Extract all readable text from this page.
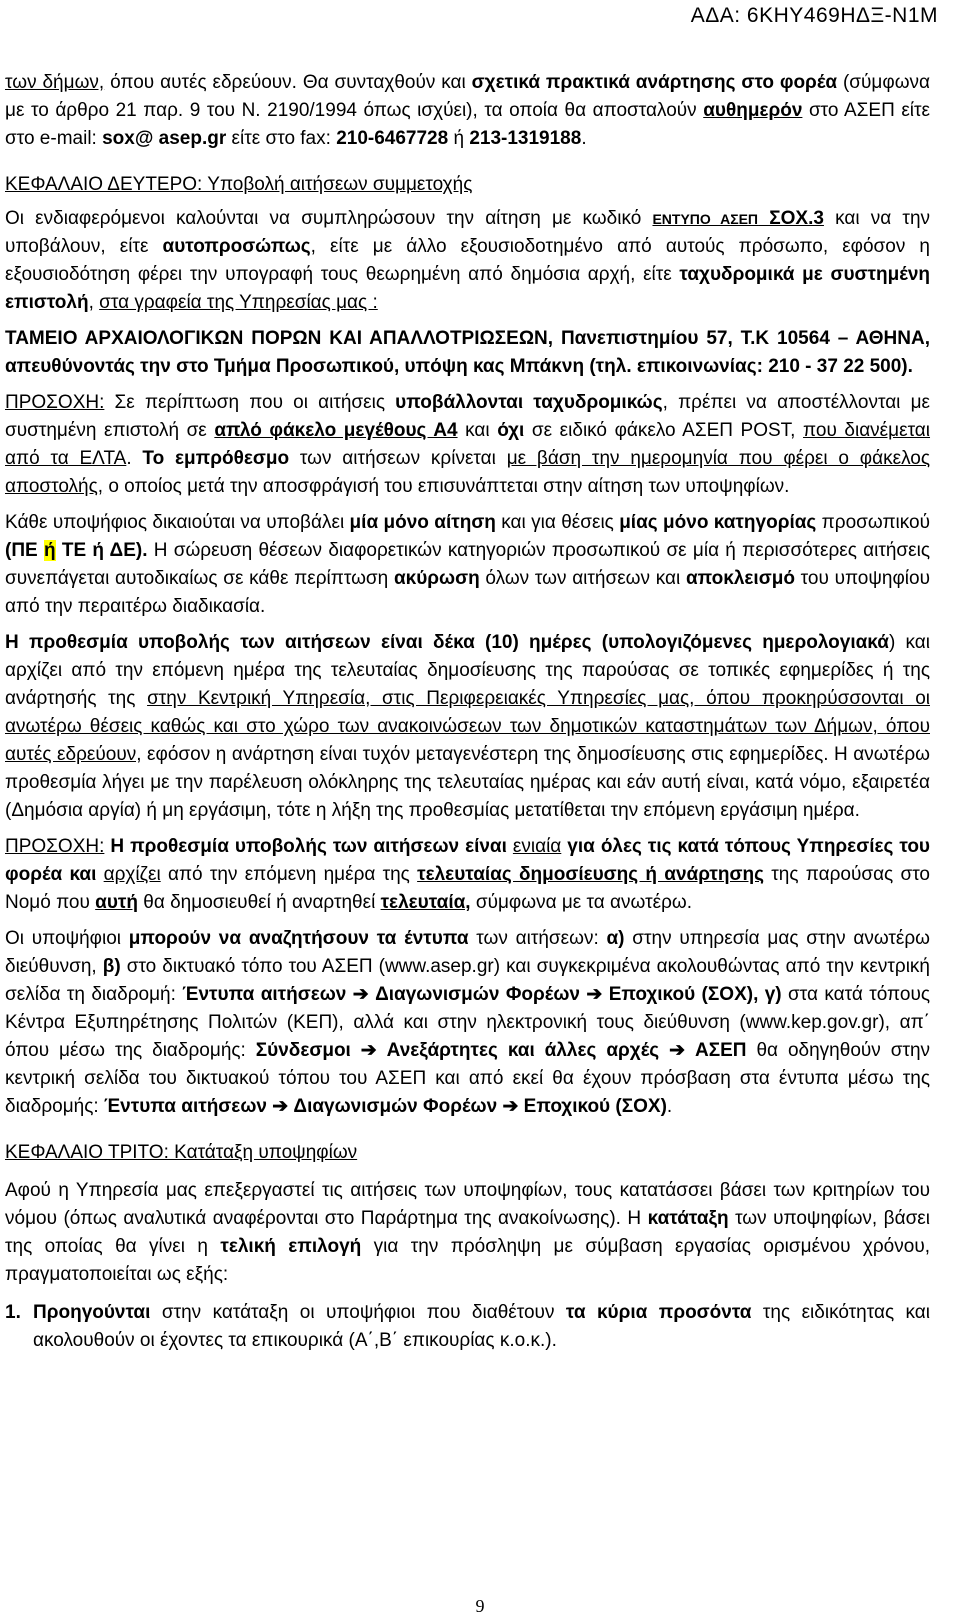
ΑΔΑ: 6ΚΗΥ469ΗΔΞ-Ν1Μ

των δήμων, όπου αυτές εδρεύουν. Θα συνταχθούν και σχετικά πρακτικά ανάρτησης στο φορέα (σύμφωνα με το άρθρο 21 παρ. 9 του Ν. 2190/1994 όπως ισχύει), τα οποία θα αποσταλούν αυθημερόν στο ΑΣΕΠ είτε στο e-mail: sox@ asep.gr είτε στο fax: 210-6467728 ή 213-1319188.

ΚΕΦΑΛΑΙΟ ΔΕΥΤΕΡΟ: Υποβολή αιτήσεων συμμετοχής

Οι ενδιαφερόμενοι καλούνται να συμπληρώσουν την αίτηση με κωδικό ΕΝΤΥΠΟ ΑΣΕΠ ΣΟΧ.3 και να την υποβάλουν, είτε αυτοπροσώπως, είτε με άλλο εξουσιοδοτημένο από αυτούς πρόσωπο, εφόσον η εξουσιοδότηση φέρει την υπογραφή τους θεωρημένη από δημόσια αρχή, είτε ταχυδρομικά με συστημένη επιστολή, στα γραφεία της Υπηρεσίας μας :

ΤΑΜΕΙΟ ΑΡΧΑΙΟΛΟΓΙΚΩΝ ΠΟΡΩΝ ΚΑΙ ΑΠΑΛΛΟΤΡΙΩΣΕΩΝ, Πανεπιστημίου 57, Τ.Κ 10564 – ΑΘΗΝΑ, απευθύνοντάς την στο Τμήμα Προσωπικού, υπόψη κας Μπάκνη (τηλ. επικοινωνίας: 210 - 37 22 500).

ΠΡΟΣΟΧΗ: Σε περίπτωση που οι αιτήσεις υποβάλλονται ταχυδρομικώς, πρέπει να αποστέλλονται με συστημένη επιστολή σε απλό φάκελο μεγέθους Α4 και όχι σε ειδικό φάκελο ΑΣΕΠ POST, που διανέμεται από τα ΕΛΤΑ. Το εμπρόθεσμο των αιτήσεων κρίνεται με βάση την ημερομηνία που φέρει ο φάκελος αποστολής, ο οποίος μετά την αποσφράγισή του επισυνάπτεται στην αίτηση των υποψηφίων.

Κάθε υποψήφιος δικαιούται να υποβάλει μία μόνο αίτηση και για θέσεις μίας μόνο κατηγορίας προσωπικού (ΠΕ ή ΤΕ ή ΔΕ). Η σώρευση θέσεων διαφορετικών κατηγοριών προσωπικού σε μία ή περισσότερες αιτήσεις συνεπάγεται αυτοδικαίως σε κάθε περίπτωση ακύρωση όλων των αιτήσεων και αποκλεισμό του υποψηφίου από την περαιτέρω διαδικασία.

Η προθεσμία υποβολής των αιτήσεων είναι δέκα (10) ημέρες (υπολογιζόμενες ημερολογιακά) και αρχίζει από την επόμενη ημέρα της τελευταίας δημοσίευσης της παρούσας σε τοπικές εφημερίδες ή της ανάρτησής της στην Κεντρική Υπηρεσία, στις Περιφερειακές Υπηρεσίες μας, όπου προκηρύσσονται οι ανωτέρω θέσεις καθώς και στο χώρο των ανακοινώσεων των δημοτικών καταστημάτων των Δήμων, όπου αυτές εδρεύουν, εφόσον η ανάρτηση είναι τυχόν μεταγενέστερη της δημοσίευσης στις εφημερίδες. Η ανωτέρω προθεσμία λήγει με την παρέλευση ολόκληρης της τελευταίας ημέρας και εάν αυτή είναι, κατά νόμο, εξαιρετέα (Δημόσια αργία) ή μη εργάσιμη, τότε η λήξη της προθεσμίας μετατίθεται την επόμενη εργάσιμη ημέρα.

ΠΡΟΣΟΧΗ: Η προθεσμία υποβολής των αιτήσεων είναι ενιαία για όλες τις κατά τόπους Υπηρεσίες του φορέα και αρχίζει από την επόμενη ημέρα της τελευταίας δημοσίευσης ή ανάρτησης της παρούσας στο Νομό που αυτή θα δημοσιευθεί ή αναρτηθεί τελευταία, σύμφωνα με τα ανωτέρω.

Οι υποψήφιοι μπορούν να αναζητήσουν τα έντυπα των αιτήσεων: α) στην υπηρεσία μας στην ανωτέρω διεύθυνση, β) στο δικτυακό τόπο του ΑΣΕΠ (www.asep.gr) και συγκεκριμένα ακολουθώντας από την κεντρική σελίδα τη διαδρομή: Έντυπα αιτήσεων ➔ Διαγωνισμών Φορέων ➔ Εποχικού (ΣΟΧ), γ) στα κατά τόπους Κέντρα Εξυπηρέτησης Πολιτών (ΚΕΠ), αλλά και στην ηλεκτρονική τους διεύθυνση (www.kep.gov.gr), απ΄ όπου μέσω της διαδρομής: Σύνδεσμοι ➔ Ανεξάρτητες και άλλες αρχές ➔ ΑΣΕΠ θα οδηγηθούν στην κεντρική σελίδα του δικτυακού τόπου του ΑΣΕΠ και από εκεί θα έχουν πρόσβαση στα έντυπα μέσω της διαδρομής: Έντυπα αιτήσεων ➔ Διαγωνισμών Φορέων ➔ Εποχικού (ΣΟΧ).

ΚΕΦΑΛΑΙΟ ΤΡΙΤΟ: Κατάταξη υποψηφίων

Αφού η Υπηρεσία μας επεξεργαστεί τις αιτήσεις των υποψηφίων, τους κατατάσσει βάσει των κριτηρίων του νόμου (όπως αναλυτικά αναφέρονται στο Παράρτημα της ανακοίνωσης). Η κατάταξη των υποψηφίων, βάσει της οποίας θα γίνει η τελική επιλογή για την πρόσληψη με σύμβαση εργασίας ορισμένου χρόνου, πραγματοποιείται ως εξής:

1. Προηγούνται στην κατάταξη οι υποψήφιοι που διαθέτουν τα κύρια προσόντα της ειδικότητας και ακολουθούν οι έχοντες τα επικουρικά (Α΄,Β΄ επικουρίας κ.ο.κ.).

9
